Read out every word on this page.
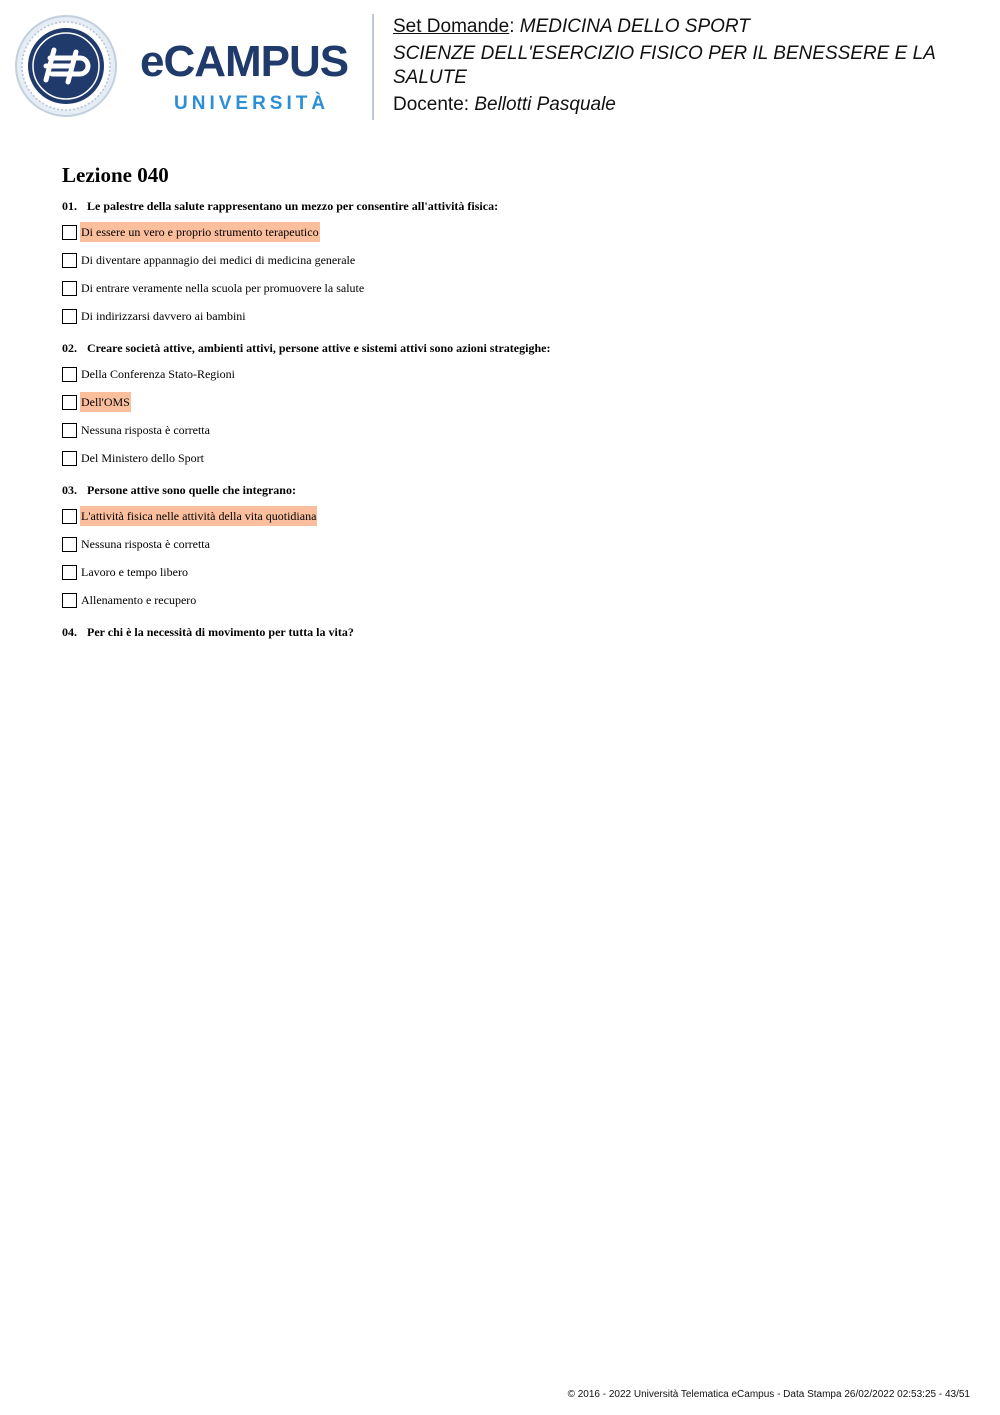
eCAMPUS
UNIVERSITÀ
Set Domande: MEDICINA DELLO SPORT
SCIENZE DELL'ESERCIZIO FISICO PER IL BENESSERE E LA SALUTE
Docente: Bellotti Pasquale
Lezione 040
01. Le palestre della salute rappresentano un mezzo per consentire all'attività fisica:
Di essere un vero e proprio strumento terapeutico
Di diventare appannagio dei medici di medicina generale
Di entrare veramente nella scuola per promuovere la salute
Di indirizzarsi davvero ai bambini
02. Creare società attive, ambienti attivi, persone attive e sistemi attivi sono azioni strategighe:
Della Conferenza Stato-Regioni
Dell'OMS
Nessuna risposta è corretta
Del Ministero dello Sport
03. Persone attive sono quelle che integrano:
L'attività fisica nelle attività della vita quotidiana
Nessuna risposta è corretta
Lavoro e tempo libero
Allenamento e recupero
04. Per chi è la necessità di movimento per tutta la vita?
© 2016 - 2022 Università Telematica eCampus - Data Stampa 26/02/2022 02:53:25 - 43/51
